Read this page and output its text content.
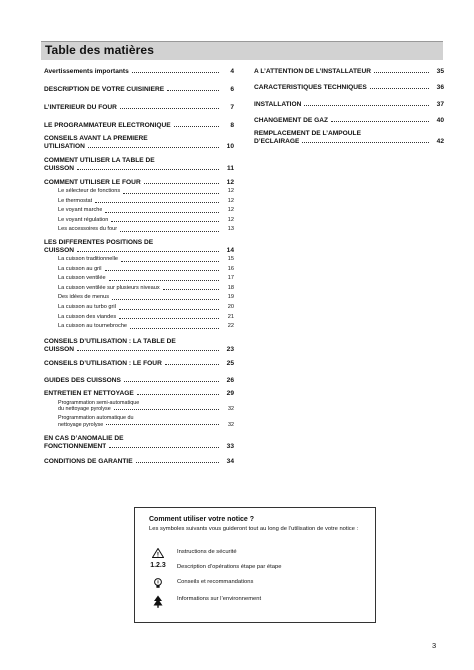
Table des matières
Avertissements importants	4
DESCRIPTION DE VOTRE CUISINIERE	6
L’INTERIEUR DU FOUR	7
LE PROGRAMMATEUR ELECTRONIQUE	8
CONSEILS AVANT LA PREMIERE
UTILISATION	10
COMMENT UTILISER LA TABLE DE
CUISSON	11
COMMENT UTILISER LE FOUR	12
Le sélecteur de fonctions	12
Le thermostat	12
Le voyant marche	12
Le voyant régulation	12
Les accessoires du four	13
LES DIFFERENTES POSITIONS DE
CUISSON	14
La cuisson traditionnelle	15
La cuisson au gril	16
La cuisson ventilée	17
La cuisson ventilée sur plusieurs niveaux	18
Des idées de menus	19
La cuisson au turbo gril	20
La cuisson des viandes	21
La cuisson au tournebroche	22
CONSEILS D’UTILISATION : LA TABLE DE
CUISSON	23
CONSEILS D’UTILISATION : LE FOUR	25
GUIDES DES CUISSONS	26
ENTRETIEN ET NETTOYAGE	29
Programmation semi-automatique
du nettoyage pyrolyse	32
Programmation automatique du
nettoyage pyrolyse	32
EN CAS D’ANOMALIE DE
FONCTIONNEMENT	33
CONDITIONS DE GARANTIE	34
A L’ATTENTION DE L’INSTALLATEUR	35
CARACTERISTIQUES TECHNIQUES	36
INSTALLATION	37
CHANGEMENT DE GAZ	40
REMPLACEMENT DE L’AMPOULE
D’ECLAIRAGE	42
Comment utiliser votre notice ?
Les symboles suivants vous guideront tout au long de l’utilisation de votre notice :
!	Instructions de sécurité
1.2.3 Description d’opérations étape par étape
Conseils et recommandations
Informations sur l’environnement
3
